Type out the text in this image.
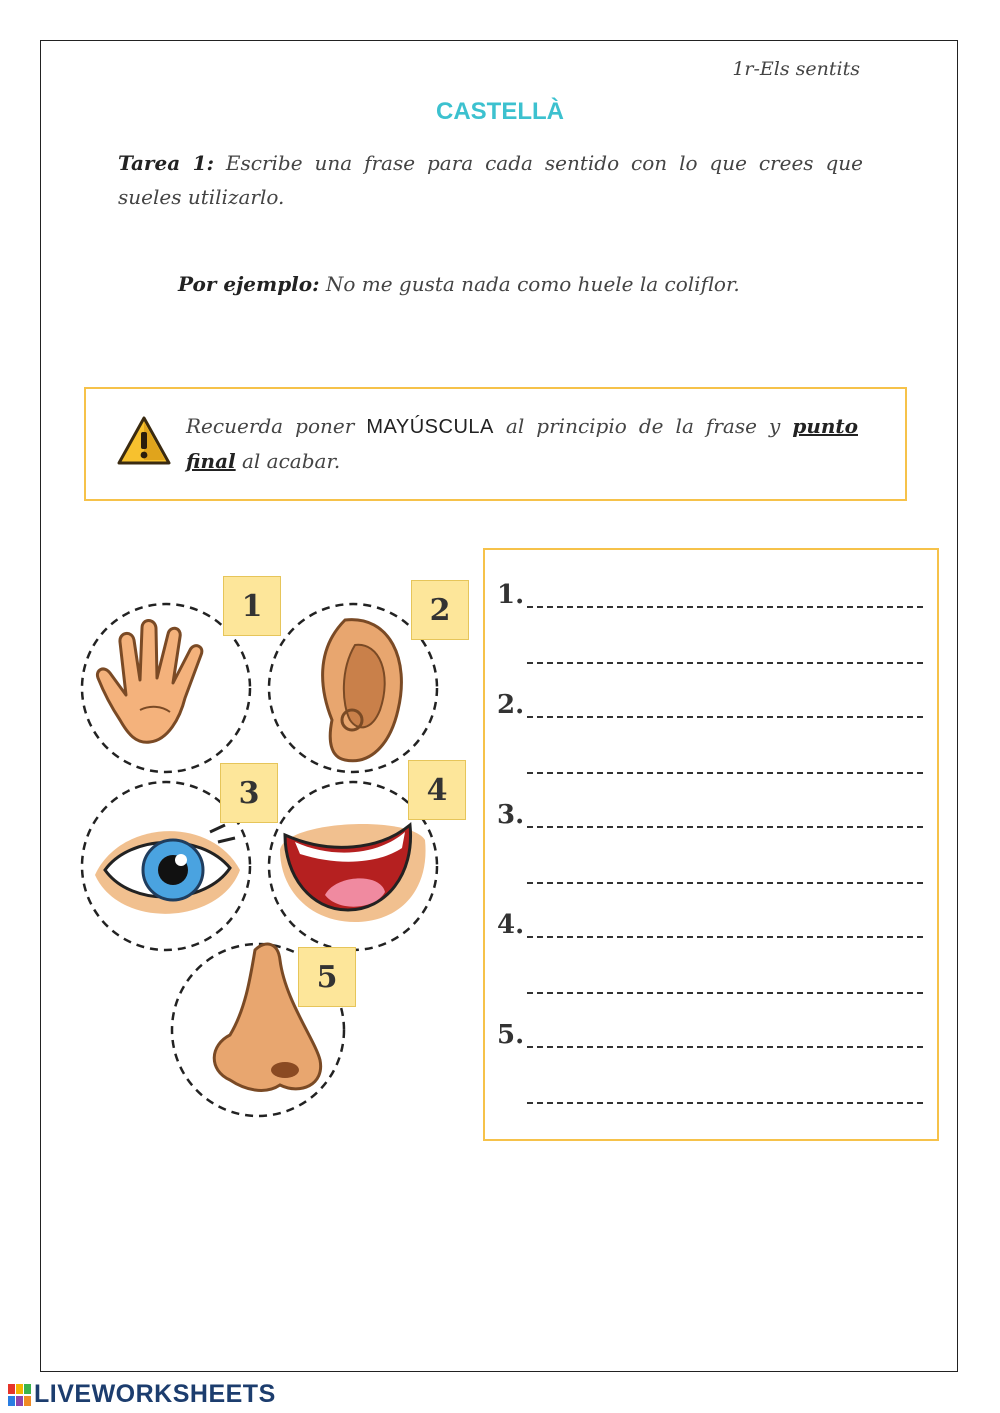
1r-Els sentits
CASTELLÀ
Tarea 1: Escribe una frase para cada sentido con lo que crees que sueles utilizarlo.
Por ejemplo: No me gusta nada como huele la coliflor.
Recuerda poner MAYÚSCULA al principio de la frase y punto final al acabar.
1	2
3	4
5
1.
2.
3.
4.
5.
LIVEWORKSHEETS
